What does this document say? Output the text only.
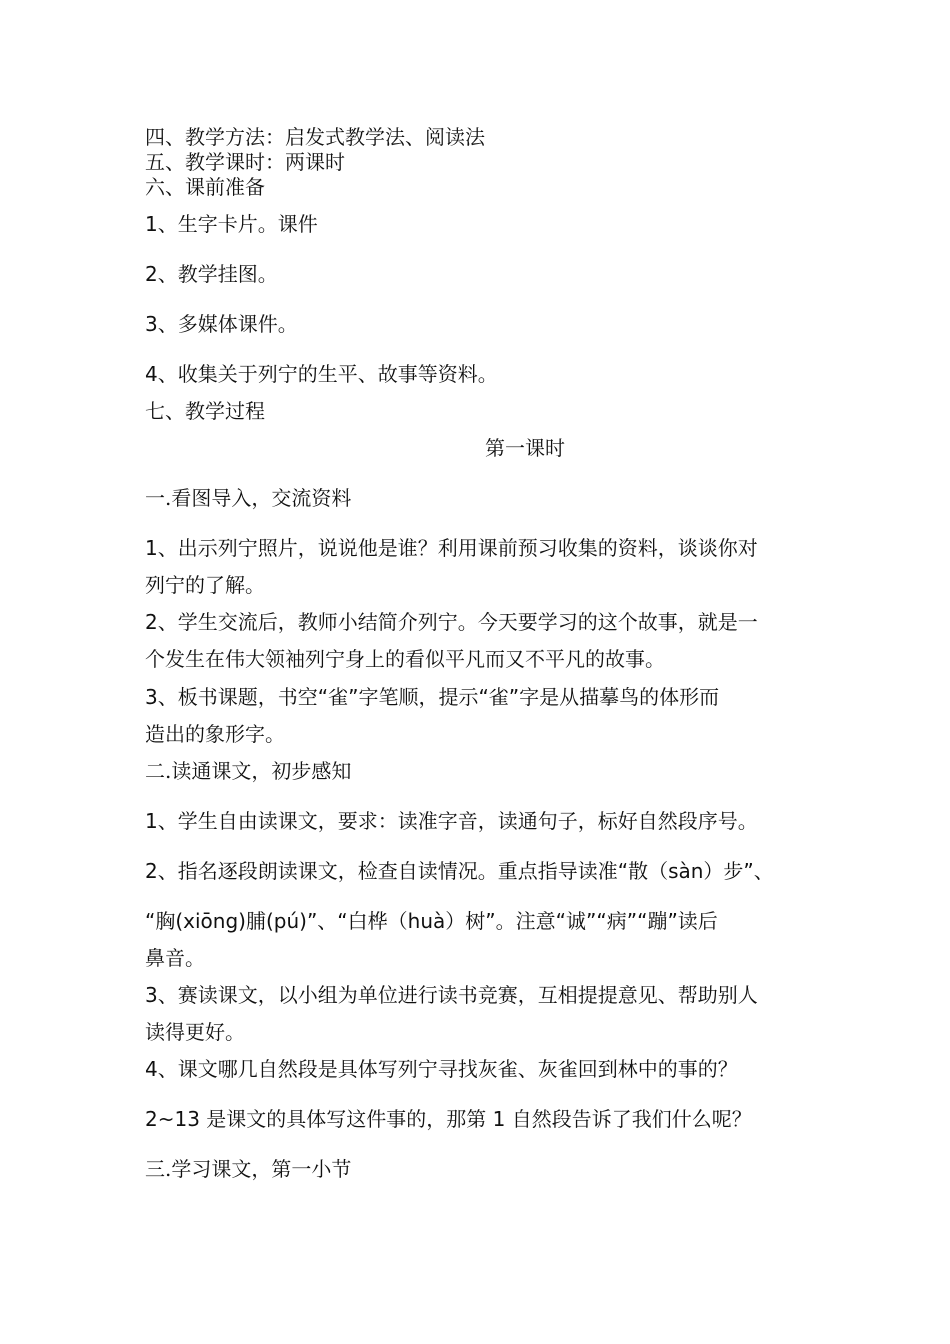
四、教学方法：启发式教学法、阅读法

五、教学课时：两课时

六、课前准备

1、生字卡片。课件

2、教学挂图。

3、多媒体课件。

4、收集关于列宁的生平、故事等资料。

七、教学过程

第一课时

一.看图导入，交流资料

1、出示列宁照片，说说他是谁？利用课前预习收集的资料，谈谈你对

列宁的了解。

2、学生交流后，教师小结简介列宁。今天要学习的这个故事，就是一

个发生在伟大领袖列宁身上的看似平凡而又不平凡的故事。

3、板书课题，书空“雀”字笔顺，提示“雀”字是从描摹鸟的体形而

造出的象形字。

二.读通课文，初步感知

1、学生自由读课文，要求：读准字音，读通句子，标好自然段序号。

2、指名逐段朗读课文，检查自读情况。重点指导读准“散（sàn）步”、

“胸(xiōng)脯(pú)”、“白桦（huà）树”。注意“诚”“病”“蹦”读后

鼻音。

3、赛读课文，以小组为单位进行读书竞赛，互相提提意见、帮助别人

读得更好。

4、课文哪几自然段是具体写列宁寻找灰雀、灰雀回到林中的事的？

2~13 是课文的具体写这件事的，那第 1 自然段告诉了我们什么呢？

三.学习课文，第一小节
